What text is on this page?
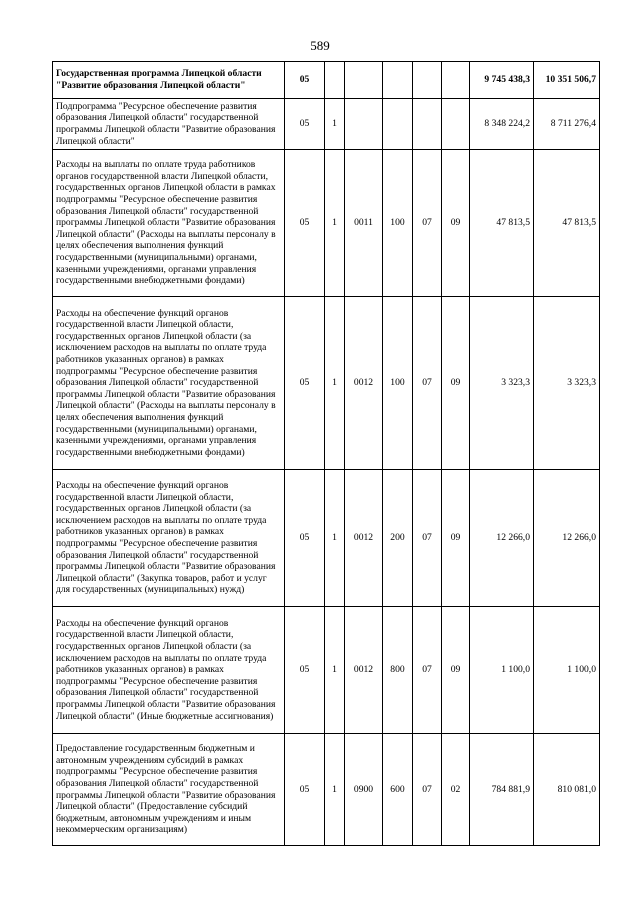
589
Государственная программа Липецкой области "Развитие образования Липецкой области"	05						9 745 438,3	10 351 506,7
Подпрограмма "Ресурсное обеспечение развития образования Липецкой области" государственной программы Липецкой области "Развитие образования Липецкой области"	05	1					8 348 224,2	8 711 276,4
Расходы на выплаты по оплате труда работников органов государственной власти Липецкой области, государственных органов Липецкой области в рамках подпрограммы "Ресурсное обеспечение развития образования Липецкой области" государственной программы Липецкой области "Развитие образования Липецкой области" (Расходы на выплаты персоналу в целях обеспечения выполнения функций государственными (муниципальными) органами, казенными учреждениями, органами управления государственными внебюджетными фондами)	05	1	0011	100	07	09	47 813,5	47 813,5
Расходы на обеспечение функций органов государственной власти Липецкой области, государственных органов Липецкой области (за исключением расходов на выплаты по оплате труда работников указанных органов) в рамках подпрограммы "Ресурсное обеспечение развития образования Липецкой области" государственной программы Липецкой области "Развитие образования Липецкой области" (Расходы на выплаты персоналу в целях обеспечения выполнения функций государственными (муниципальными) органами, казенными учреждениями, органами управления государственными внебюджетными фондами)	05	1	0012	100	07	09	3 323,3	3 323,3
Расходы на обеспечение функций органов государственной власти Липецкой области, государственных органов Липецкой области (за исключением расходов на выплаты по оплате труда работников указанных органов) в рамках подпрограммы "Ресурсное обеспечение развития образования Липецкой области" государственной программы Липецкой области "Развитие образования Липецкой области" (Закупка товаров, работ и услуг для государственных (муниципальных) нужд)	05	1	0012	200	07	09	12 266,0	12 266,0
Расходы на обеспечение функций органов государственной власти Липецкой области, государственных органов Липецкой области (за исключением расходов на выплаты по оплате труда работников указанных органов) в рамках подпрограммы "Ресурсное обеспечение развития образования Липецкой области" государственной программы Липецкой области "Развитие образования Липецкой области" (Иные бюджетные ассигнования)	05	1	0012	800	07	09	1 100,0	1 100,0
Предоставление государственным бюджетным и автономным учреждениям субсидий в рамках подпрограммы "Ресурсное обеспечение развития образования Липецкой области" государственной программы Липецкой области "Развитие образования Липецкой области" (Предоставление субсидий бюджетным, автономным учреждениям и иным некоммерческим организациям)	05	1	0900	600	07	02	784 881,9	810 081,0
